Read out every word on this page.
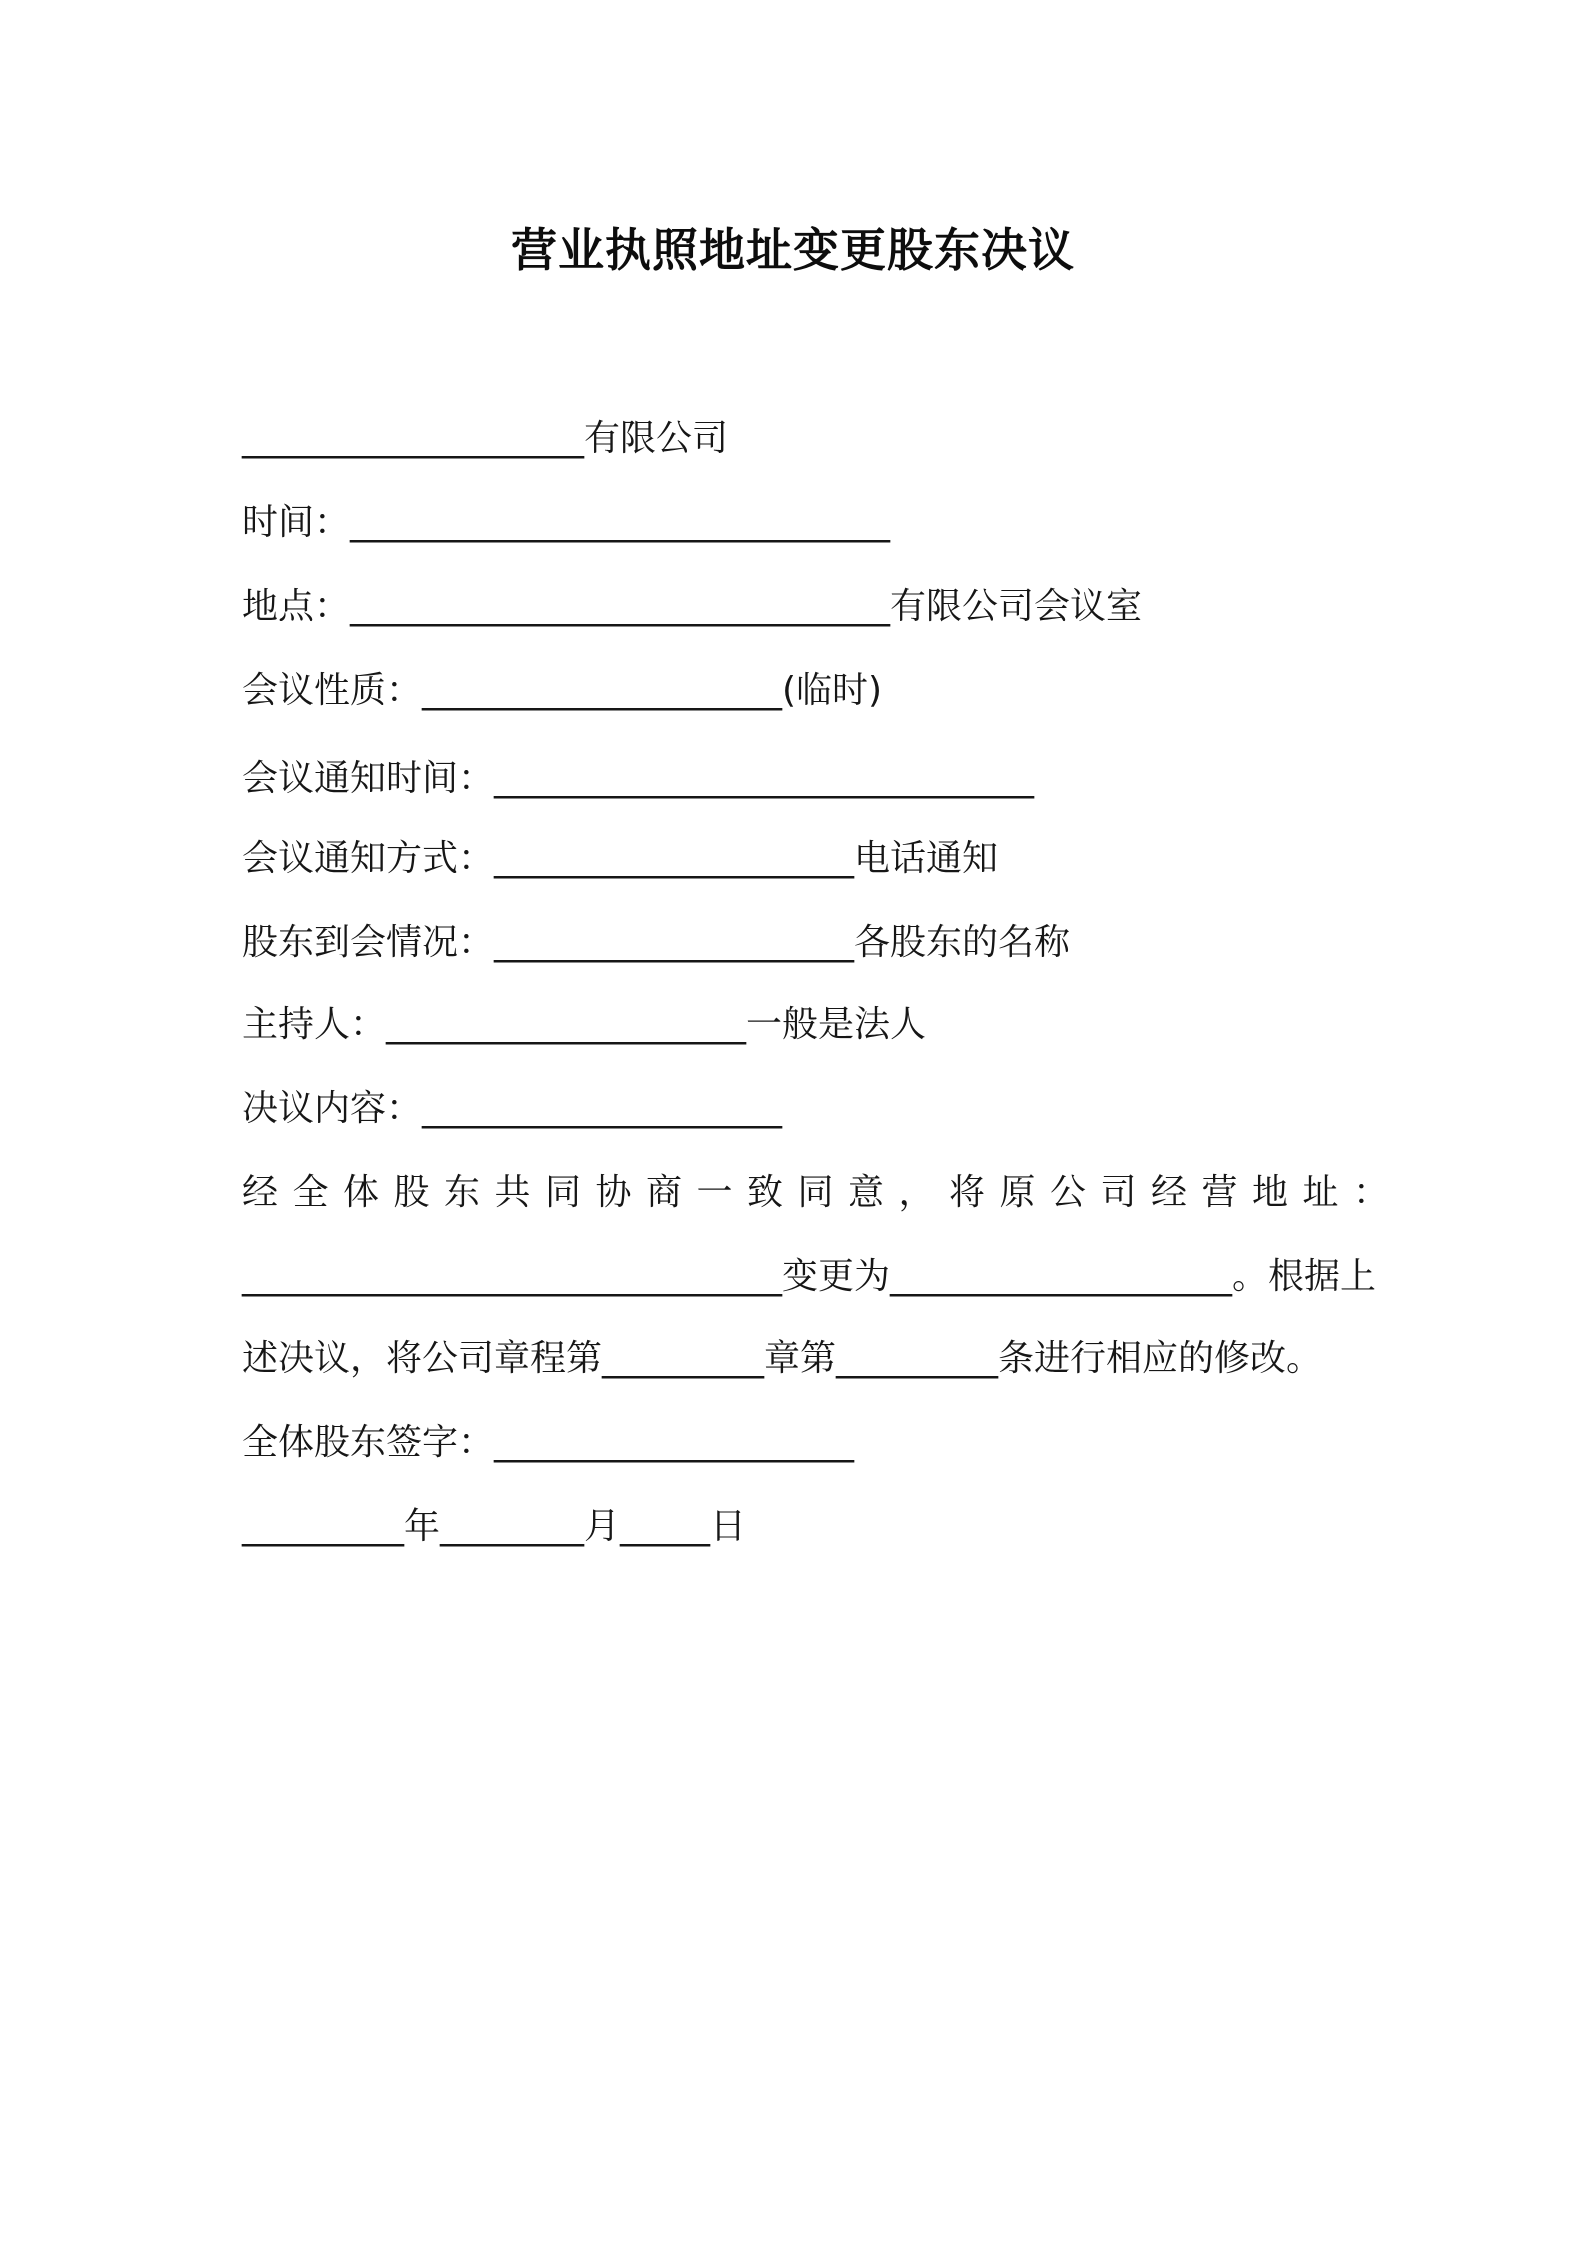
营业执照地址变更股东决议
___________________有限公司
时间：______________________________
地点：______________________________有限公司会议室
会议性质：____________________(临时)
会议通知时间：______________________________
会议通知方式：____________________电话通知
股东到会情况：____________________各股东的名称
主持人：____________________一般是法人
决议内容：____________________
经全体股东共同协商一致同意，将原公司经营地址：
______________________________变更为___________________。根据上
述决议，将公司章程第_________章第_________条进行相应的修改。
全体股东签字：____________________
_________年________月_____日
